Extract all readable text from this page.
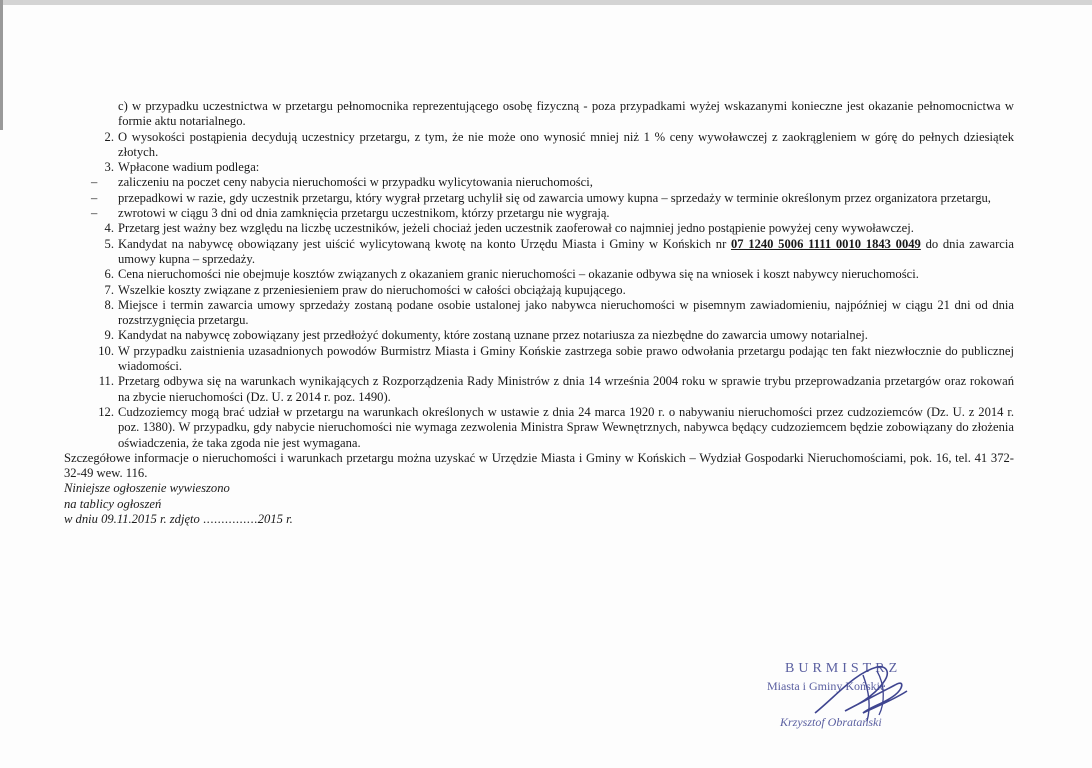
c) w przypadku uczestnictwa w przetargu pełnomocnika reprezentującego osobę fizyczną - poza przypadkami wyżej wskazanymi konieczne jest okazanie pełnomocnictwa w formie aktu notarialnego.

2. O wysokości postąpienia decydują uczestnicy przetargu, z tym, że nie może ono wynosić mniej niż 1 % ceny wywoławczej z zaokrągleniem w górę do pełnych dziesiątek złotych.

3. Wpłacone wadium podlega:

– zaliczeniu na poczet ceny nabycia nieruchomości w przypadku wylicytowania nieruchomości,

– przepadkowi w razie, gdy uczestnik przetargu, który wygrał przetarg uchylił się od zawarcia umowy kupna – sprzedaży w terminie określonym przez organizatora przetargu,

– zwrotowi w ciągu 3 dni od dnia zamknięcia przetargu uczestnikom, którzy przetargu nie wygrają.

4. Przetarg jest ważny bez względu na liczbę uczestników, jeżeli chociaż jeden uczestnik zaoferował co najmniej jedno postąpienie powyżej ceny wywoławczej.

5. Kandydat na nabywcę obowiązany jest uiścić wylicytowaną kwotę na konto Urzędu Miasta i Gminy w Końskich nr 07 1240 5006 1111 0010 1843 0049 do dnia zawarcia umowy kupna – sprzedaży.

6. Cena nieruchomości nie obejmuje kosztów związanych z okazaniem granic nieruchomości – okazanie odbywa się na wniosek i koszt nabywcy nieruchomości.

7. Wszelkie koszty związane z przeniesieniem praw do nieruchomości w całości obciążają kupującego.

8. Miejsce i termin zawarcia umowy sprzedaży zostaną podane osobie ustalonej jako nabywca nieruchomości w pisemnym zawiadomieniu, najpóźniej w ciągu 21 dni od dnia rozstrzygnięcia przetargu.

9. Kandydat na nabywcę zobowiązany jest przedłożyć dokumenty, które zostaną uznane przez notariusza za niezbędne do zawarcia umowy notarialnej.

10. W przypadku zaistnienia uzasadnionych powodów Burmistrz Miasta i Gminy Końskie zastrzega sobie prawo odwołania przetargu podając ten fakt niezwłocznie do publicznej wiadomości.

11. Przetarg odbywa się na warunkach wynikających z Rozporządzenia Rady Ministrów z dnia 14 września 2004 roku w sprawie trybu przeprowadzania przetargów oraz rokowań na zbycie nieruchomości (Dz. U. z 2014 r. poz. 1490).

12. Cudzoziemcy mogą brać udział w przetargu na warunkach określonych w ustawie z dnia 24 marca 1920 r. o nabywaniu nieruchomości przez cudzoziemców (Dz. U. z 2014 r. poz. 1380). W przypadku, gdy nabycie nieruchomości nie wymaga zezwolenia Ministra Spraw Wewnętrznych, nabywca będący cudzoziemcem będzie zobowiązany do złożenia oświadczenia, że taka zgoda nie jest wymagana.

Szczegółowe informacje o nieruchomości i warunkach przetargu można uzyskać w Urzędzie Miasta i Gminy w Końskich – Wydział Gospodarki Nieruchomościami, pok. 16, tel. 41 372-32-49 wew. 116.

Niniejsze ogłoszenie wywieszono

na tablicy ogłoszeń

w dniu 09.11.2015 r. zdjęto ...............2015 r.

BURMISTRZ
Miasta i Gminy Końskie
Krzysztof Obratański
